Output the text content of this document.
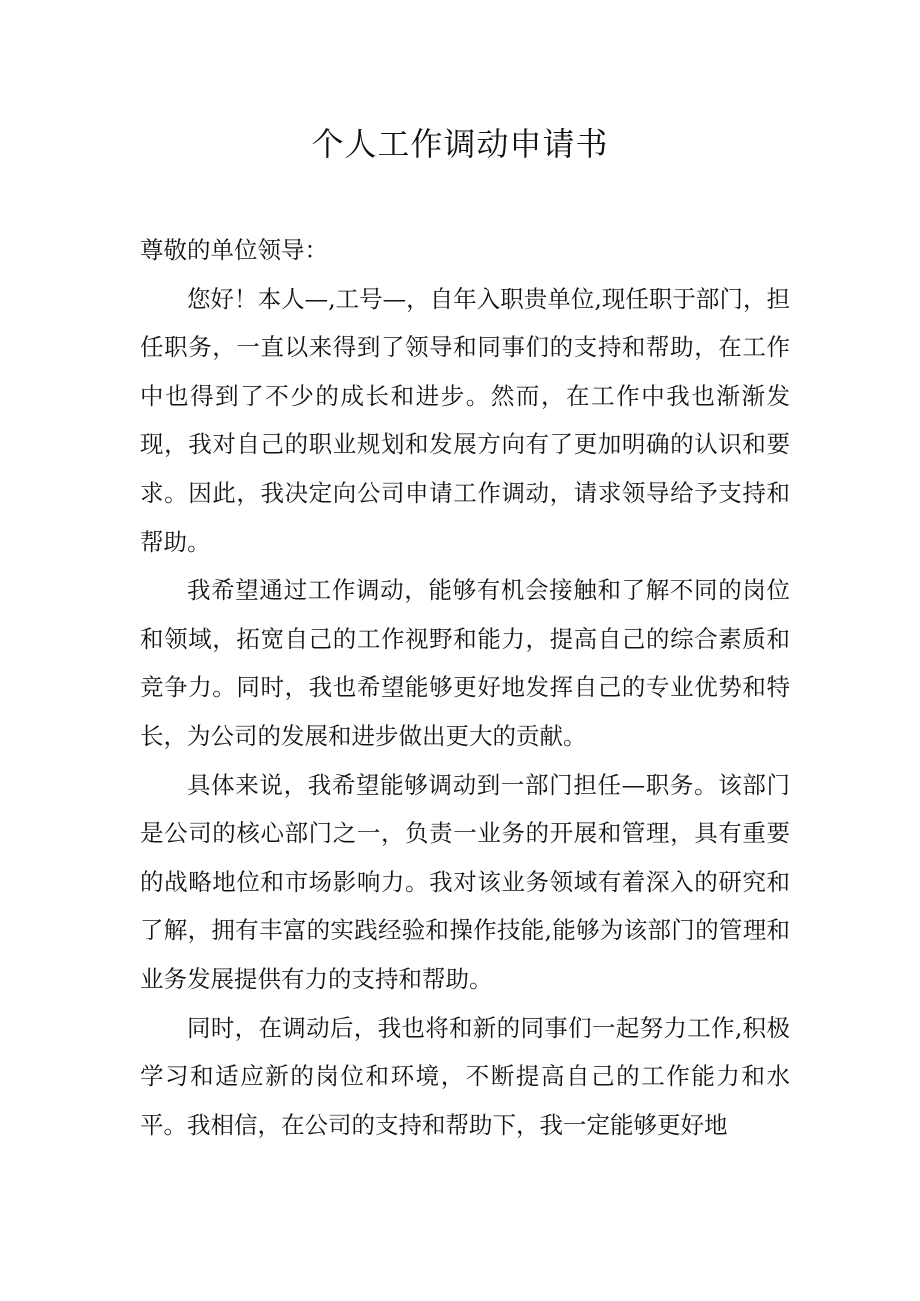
个人工作调动申请书

尊敬的单位领导：

您好！本人—,工号—，自年入职贵单位,现任职于部门，担任职务，一直以来得到了领导和同事们的支持和帮助，在工作中也得到了不少的成长和进步。然而，在工作中我也渐渐发现，我对自己的职业规划和发展方向有了更加明确的认识和要求。因此，我决定向公司申请工作调动，请求领导给予支持和帮助。

我希望通过工作调动，能够有机会接触和了解不同的岗位和领域，拓宽自己的工作视野和能力，提高自己的综合素质和竞争力。同时，我也希望能够更好地发挥自己的专业优势和特长，为公司的发展和进步做出更大的贡献。

具体来说，我希望能够调动到一部门担任—职务。该部门是公司的核心部门之一，负责一业务的开展和管理，具有重要的战略地位和市场影响力。我对该业务领域有着深入的研究和了解，拥有丰富的实践经验和操作技能,能够为该部门的管理和业务发展提供有力的支持和帮助。

同时，在调动后，我也将和新的同事们一起努力工作,积极学习和适应新的岗位和环境，不断提高自己的工作能力和水平。我相信，在公司的支持和帮助下，我一定能够更好地
